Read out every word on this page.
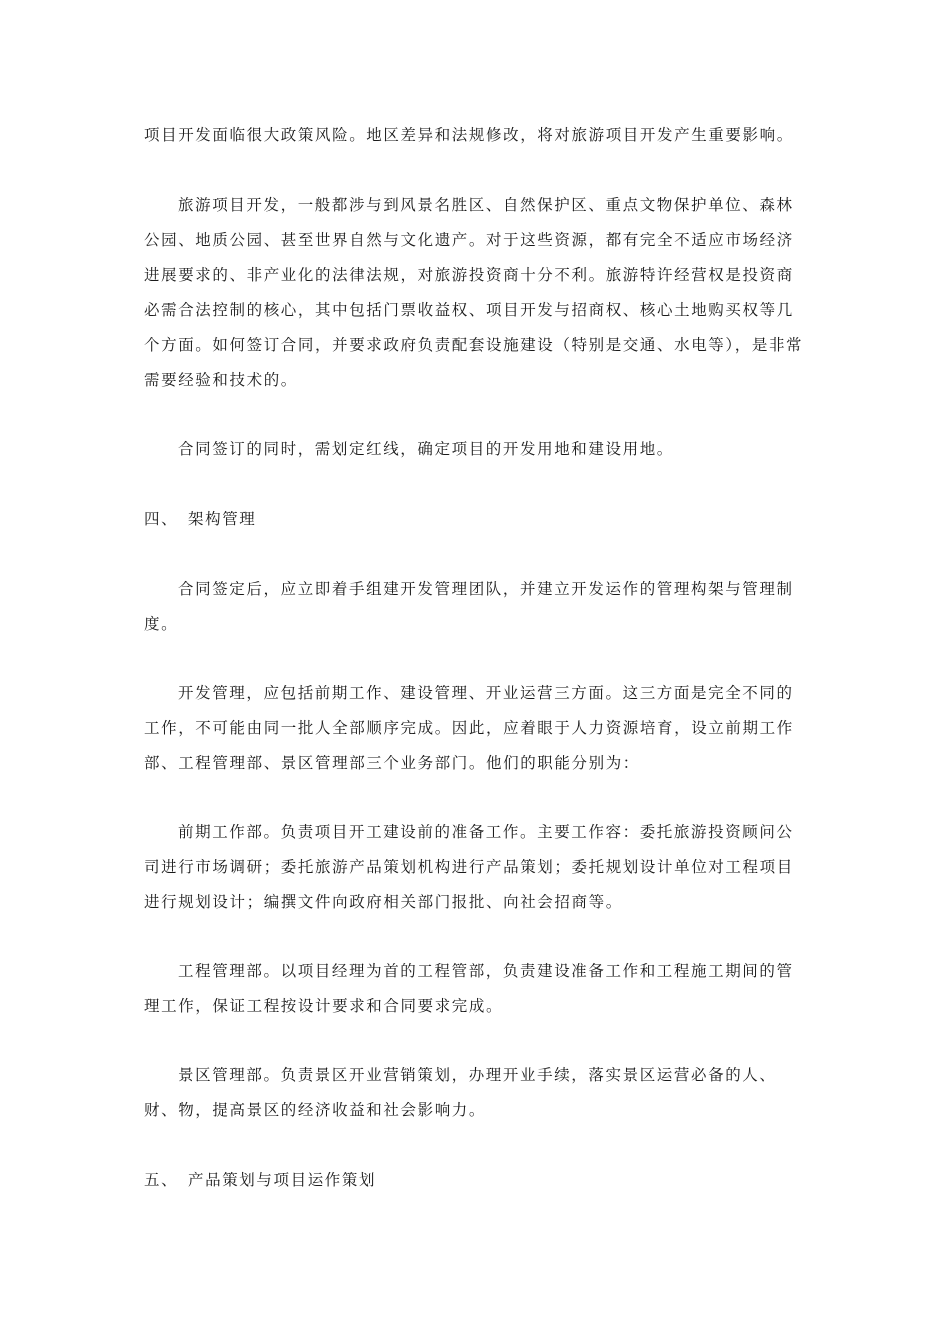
项目开发面临很大政策风险。地区差异和法规修改，将对旅游项目开发产生重要影响。

旅游项目开发，一般都涉与到风景名胜区、自然保护区、重点文物保护单位、森林公园、地质公园、甚至世界自然与文化遗产。对于这些资源，都有完全不适应市场经济进展要求的、非产业化的法律法规，对旅游投资商十分不利。旅游特许经营权是投资商必需合法控制的核心，其中包括门票收益权、项目开发与招商权、核心土地购买权等几个方面。如何签订合同，并要求政府负责配套设施建设（特别是交通、水电等），是非常需要经验和技术的。

合同签订的同时，需划定红线，确定项目的开发用地和建设用地。

四、 架构管理

合同签定后，应立即着手组建开发管理团队，并建立开发运作的管理构架与管理制度。

开发管理，应包括前期工作、建设管理、开业运营三方面。这三方面是完全不同的工作，不可能由同一批人全部顺序完成。因此，应着眼于人力资源培育，设立前期工作部、工程管理部、景区管理部三个业务部门。他们的职能分别为：

前期工作部。负责项目开工建设前的准备工作。主要工作容：委托旅游投资顾问公司进行市场调研；委托旅游产品策划机构进行产品策划；委托规划设计单位对工程项目进行规划设计；编撰文件向政府相关部门报批、向社会招商等。

工程管理部。以项目经理为首的工程管部，负责建设准备工作和工程施工期间的管理工作，保证工程按设计要求和合同要求完成。

景区管理部。负责景区开业营销策划，办理开业手续，落实景区运营必备的人、财、物，提高景区的经济收益和社会影响力。

五、 产品策划与项目运作策划
